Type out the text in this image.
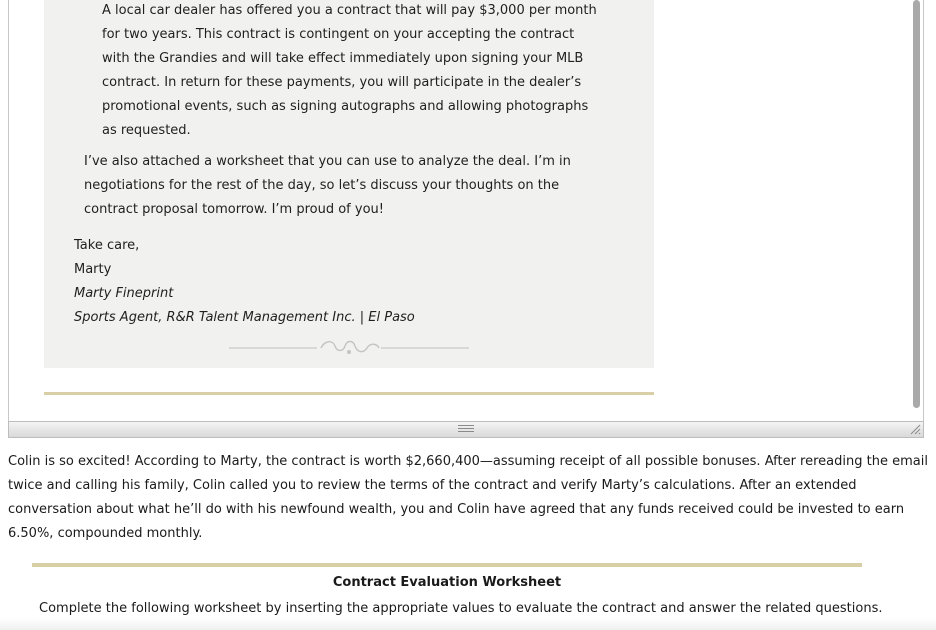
A local car dealer has offered you a contract that will pay $3,000 per month for two years. This contract is contingent on your accepting the contract with the Grandies and will take effect immediately upon signing your MLB contract. In return for these payments, you will participate in the dealer’s promotional events, such as signing autographs and allowing photographs as requested.

I’ve also attached a worksheet that you can use to analyze the deal. I’m in negotiations for the rest of the day, so let’s discuss your thoughts on the contract proposal tomorrow. I’m proud of you!

Take care,
Marty
Marty Fineprint
Sports Agent, R&R Talent Management Inc. | El Paso

Colin is so excited! According to Marty, the contract is worth $2,660,400—assuming receipt of all possible bonuses. After rereading the email twice and calling his family, Colin called you to review the terms of the contract and verify Marty’s calculations. After an extended conversation about what he’ll do with his newfound wealth, you and Colin have agreed that any funds received could be invested to earn 6.50%, compounded monthly.

Contract Evaluation Worksheet
Complete the following worksheet by inserting the appropriate values to evaluate the contract and answer the related questions.
